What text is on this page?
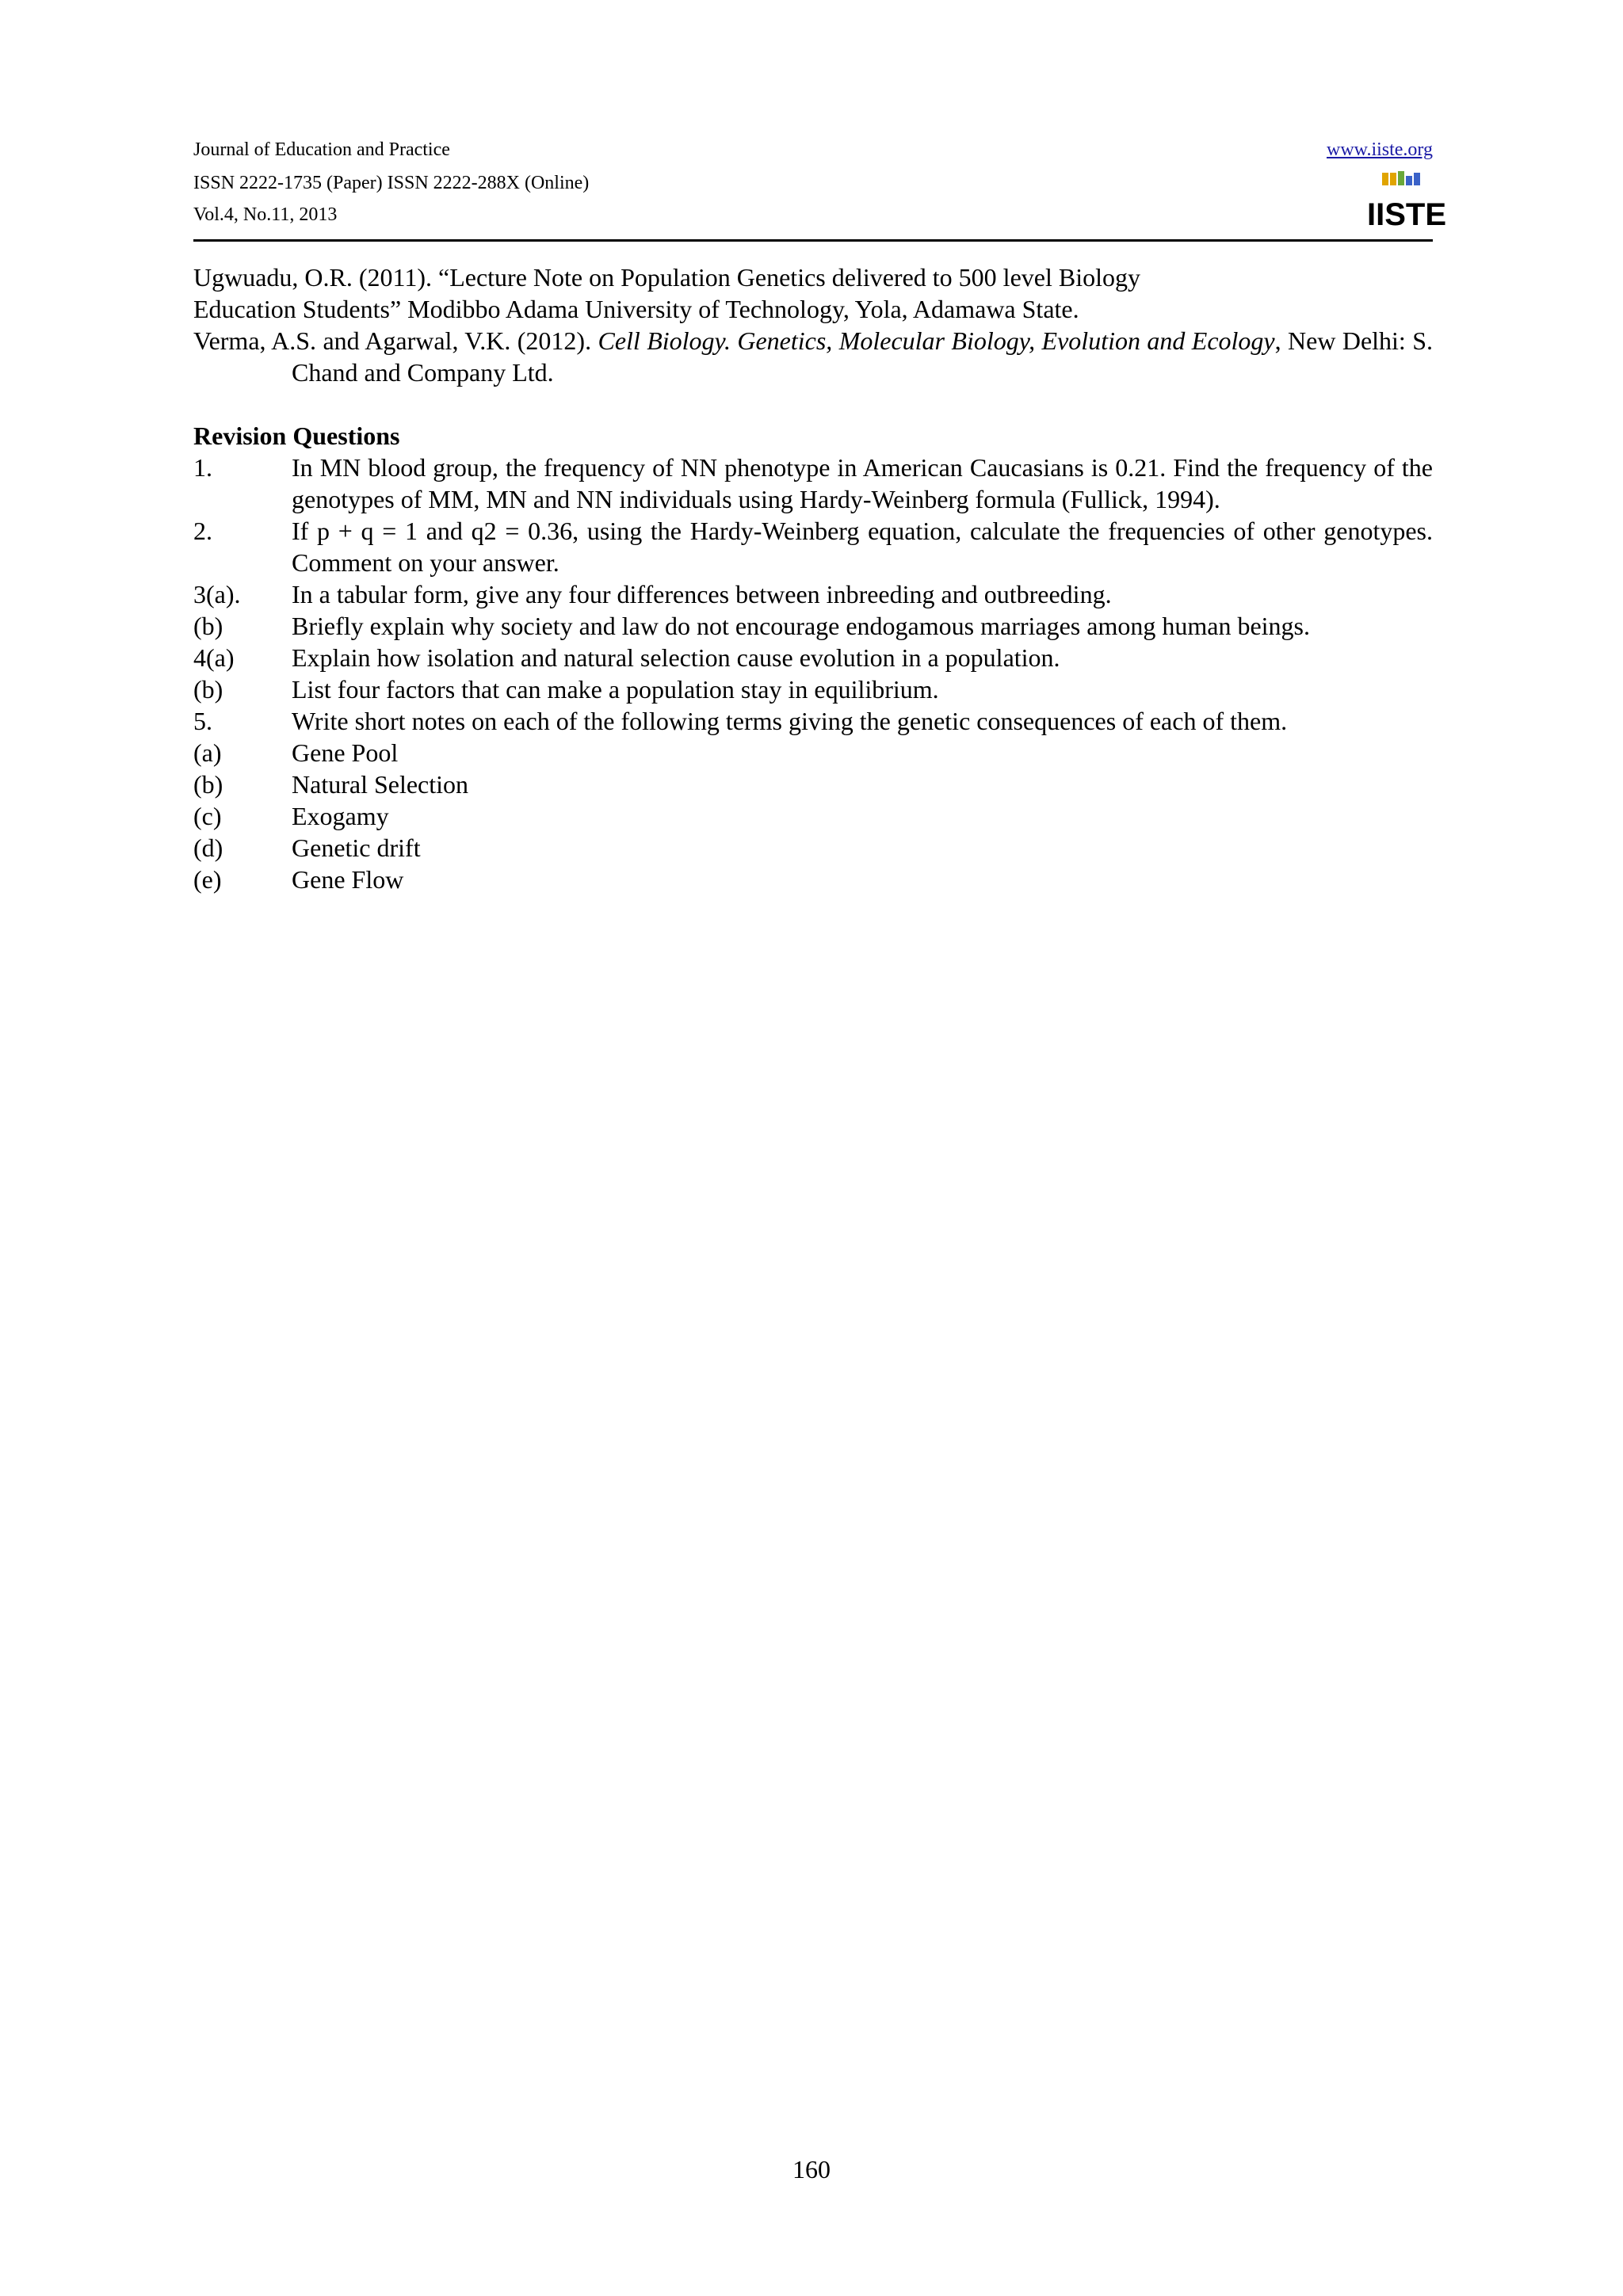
Journal of Education and Practice
ISSN 2222-1735 (Paper) ISSN 2222-288X (Online)
Vol.4, No.11, 2013
www.iiste.org
IISTE
Ugwuadu, O.R. (2011). “Lecture Note on Population Genetics delivered to 500 level Biology
Education Students” Modibbo Adama University of Technology, Yola, Adamawa State.
Verma, A.S. and Agarwal, V.K. (2012). Cell Biology. Genetics, Molecular Biology, Evolution and Ecology, New Delhi: S. Chand and Company Ltd.
Revision Questions
1.	In MN blood group, the frequency of NN phenotype in American Caucasians is 0.21. Find the frequency of the genotypes of MM, MN and NN individuals using Hardy-Weinberg formula (Fullick, 1994).
2.	If p + q = 1 and q2 = 0.36, using the Hardy-Weinberg equation, calculate the frequencies of other genotypes. Comment on your answer.
3(a).	In a tabular form, give any four differences between inbreeding and outbreeding.
(b)	Briefly explain why society and law do not encourage endogamous marriages among human beings.
4(a)	Explain how isolation and natural selection cause evolution in a population.
(b)	List four factors that can make a population stay in equilibrium.
5.	Write short notes on each of the following terms giving the genetic consequences of each of them.
(a)	Gene Pool
(b)	Natural Selection
(c)	Exogamy
(d)	Genetic drift
(e)	Gene Flow
160
